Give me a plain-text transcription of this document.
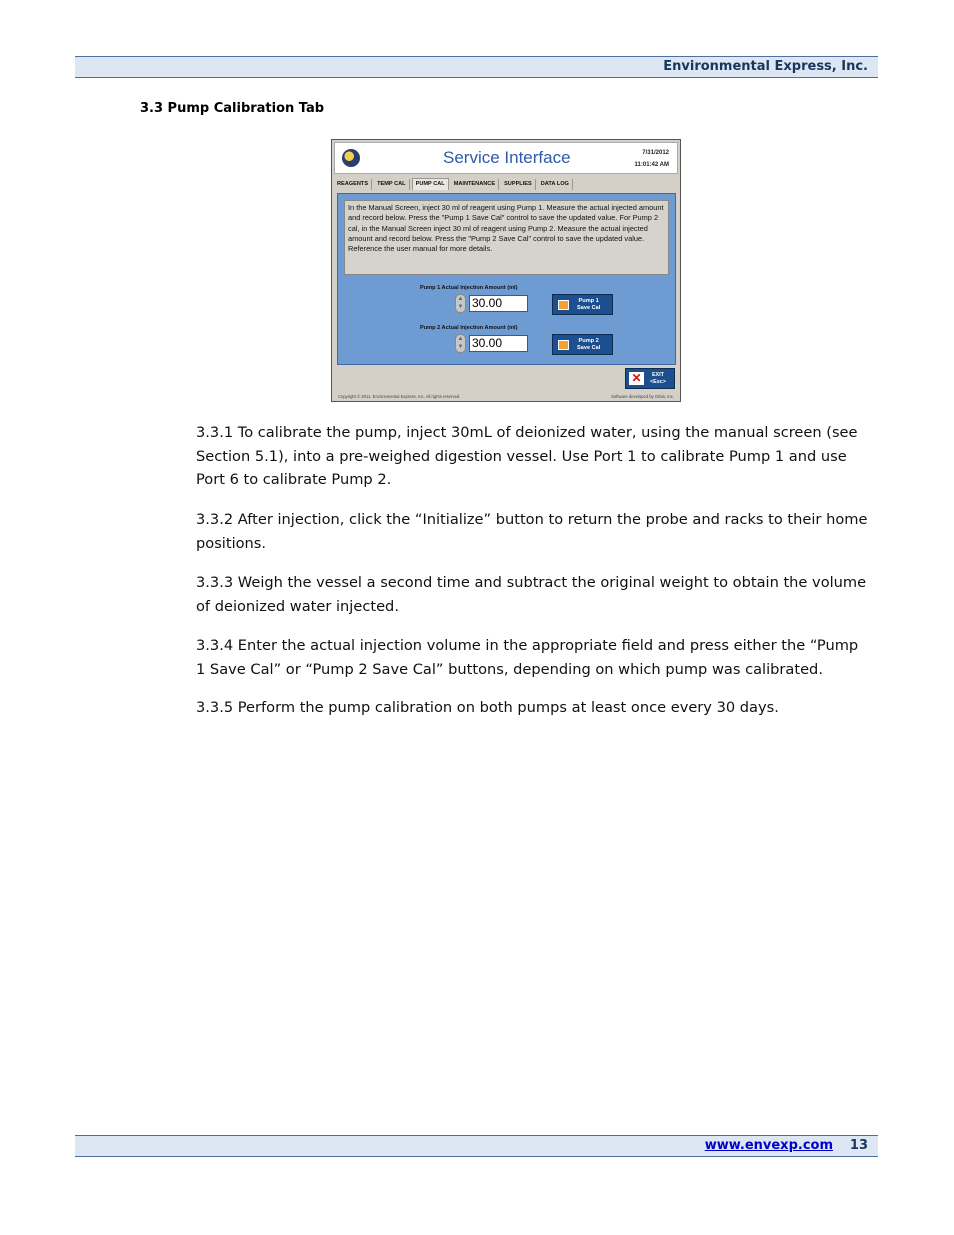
Environmental Express, Inc.
3.3 Pump Calibration Tab
Service Interface	7/31/2012
11:01:42 AM
REAGENTS	TEMP CAL	PUMP CAL	MAINTENANCE	SUPPLIES	DATA LOG
In the Manual Screen, inject 30 ml of reagent using Pump 1. Measure the actual injected amount and record below. Press the "Pump 1 Save Cal" control to save the updated value. For Pump 2 cal, in the Manual Screen inject 30 ml of reagent using Pump 2. Measure the actual injected amount and record below. Press the "Pump 2 Save Cal" control to save the updated value. Reference the user manual for more details.
Pump 1 Actual Injection Amount (ml)
▲
▼ 30.00	Pump 1
Save Cal
Pump 2 Actual Injection Amount (ml)
▲
▼ 30.00	Pump 2
Save Cal
✕	EXIT
<Esc>
Copyright © 2011, Environmental Express, Inc. All rights reserved.	Software developed by Orbis, Inc.
3.3.1 To calibrate the pump, inject 30mL of deionized water, using the manual screen (see Section 5.1), into a pre-weighed digestion vessel. Use Port 1 to calibrate Pump 1 and use Port 6 to calibrate Pump 2.
3.3.2 After injection, click the “Initialize” button to return the probe and racks to their home positions.
3.3.3 Weigh the vessel a second time and subtract the original weight to obtain the volume of deionized water injected.
3.3.4 Enter the actual injection volume in the appropriate field and press either the “Pump 1 Save Cal” or “Pump 2 Save Cal” buttons, depending on which pump was calibrated.
3.3.5 Perform the pump calibration on both pumps at least once every 30 days.
www.envexp.com 13
